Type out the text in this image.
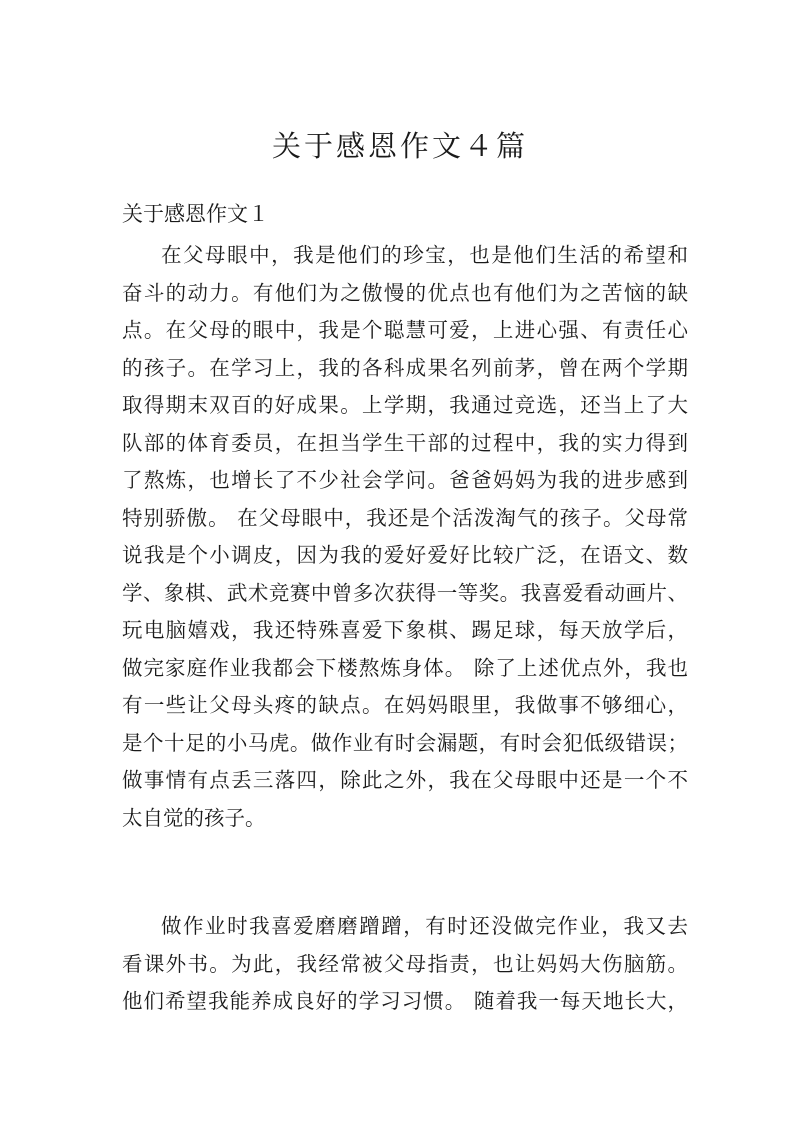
关于感恩作文４篇
关于感恩作文１
在父母眼中，我是他们的珍宝，也是他们生活的希望和
奋斗的动力。有他们为之傲慢的优点也有他们为之苦恼的缺
点。在父母的眼中，我是个聪慧可爱，上进心强、有责任心
的孩子。在学习上，我的各科成果名列前茅，曾在两个学期
取得期末双百的好成果。上学期，我通过竞选，还当上了大
队部的体育委员，在担当学生干部的过程中，我的实力得到
了熬炼，也增长了不少社会学问。爸爸妈妈为我的进步感到
特别骄傲。 在父母眼中，我还是个活泼淘气的孩子。父母常
说我是个小调皮，因为我的爱好爱好比较广泛，在语文、数
学、象棋、武术竞赛中曾多次获得一等奖。我喜爱看动画片、
玩电脑嬉戏，我还特殊喜爱下象棋、踢足球，每天放学后，
做完家庭作业我都会下楼熬炼身体。 除了上述优点外，我也
有一些让父母头疼的缺点。在妈妈眼里，我做事不够细心，
是个十足的小马虎。做作业有时会漏题，有时会犯低级错误；
做事情有点丢三落四，除此之外，我在父母眼中还是一个不
太自觉的孩子。
做作业时我喜爱磨磨蹭蹭，有时还没做完作业，我又去
看课外书。为此，我经常被父母指责，也让妈妈大伤脑筋。
他们希望我能养成良好的学习习惯。 随着我一每天地长大，
